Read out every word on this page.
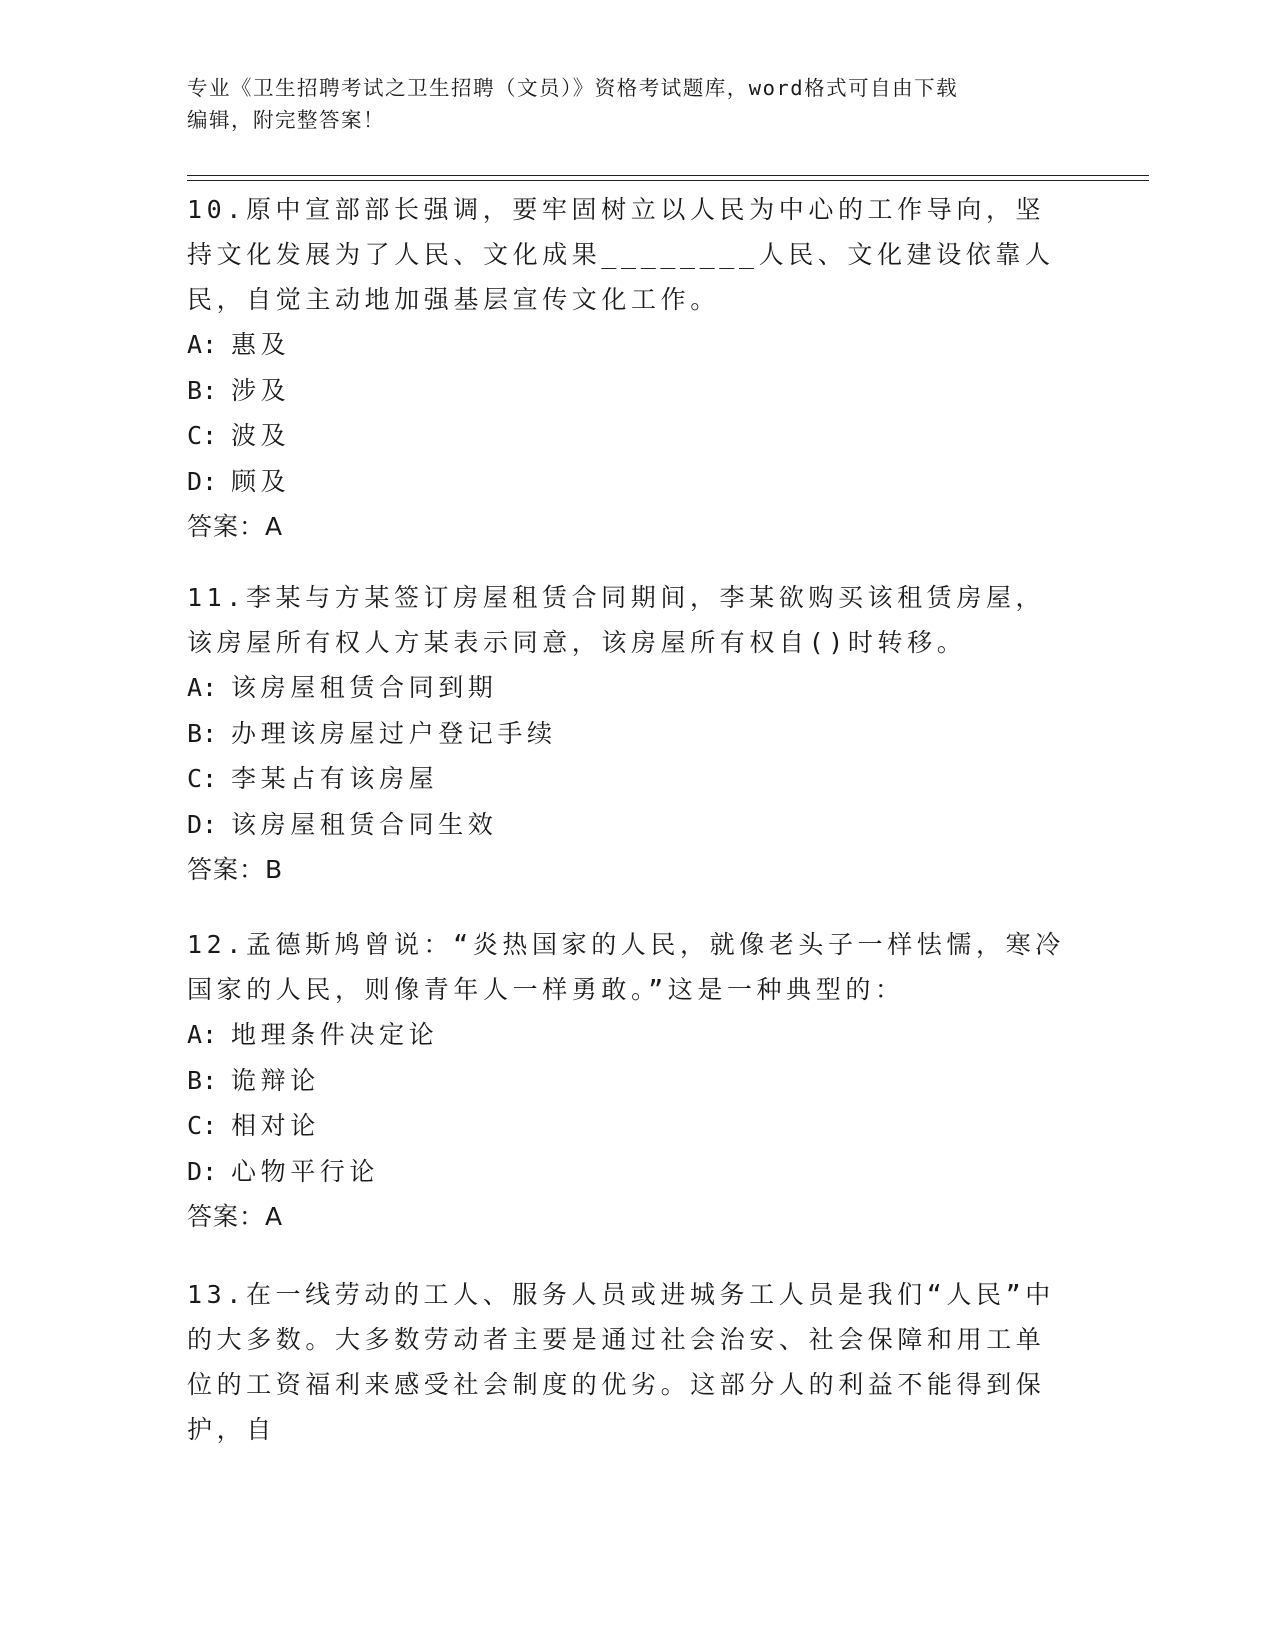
专业《卫生招聘考试之卫生招聘（文员）》资格考试题库，word格式可自由下载
编辑，附完整答案！

10.原中宣部部长强调，要牢固树立以人民为中心的工作导向，坚持文化发展为了人民、文化成果________人民、文化建设依靠人民，自觉主动地加强基层宣传文化工作。

A: 惠及
B: 涉及
C: 波及
D: 顾及
答案：A

11.李某与方某签订房屋租赁合同期间，李某欲购买该租赁房屋，该房屋所有权人方某表示同意，该房屋所有权自()时转移。

A: 该房屋租赁合同到期
B: 办理该房屋过户登记手续
C: 李某占有该房屋
D: 该房屋租赁合同生效
答案：B

12.孟德斯鸠曾说：“炎热国家的人民，就像老头子一样怯懦，寒冷国家的人民，则像青年人一样勇敢。”这是一种典型的：

A: 地理条件决定论
B: 诡辩论
C: 相对论
D: 心物平行论
答案：A

13.在一线劳动的工人、服务人员或进城务工人员是我们“人民”中的大多数。大多数劳动者主要是通过社会治安、社会保障和用工单位的工资福利来感受社会制度的优劣。这部分人的利益不能得到保护，自
